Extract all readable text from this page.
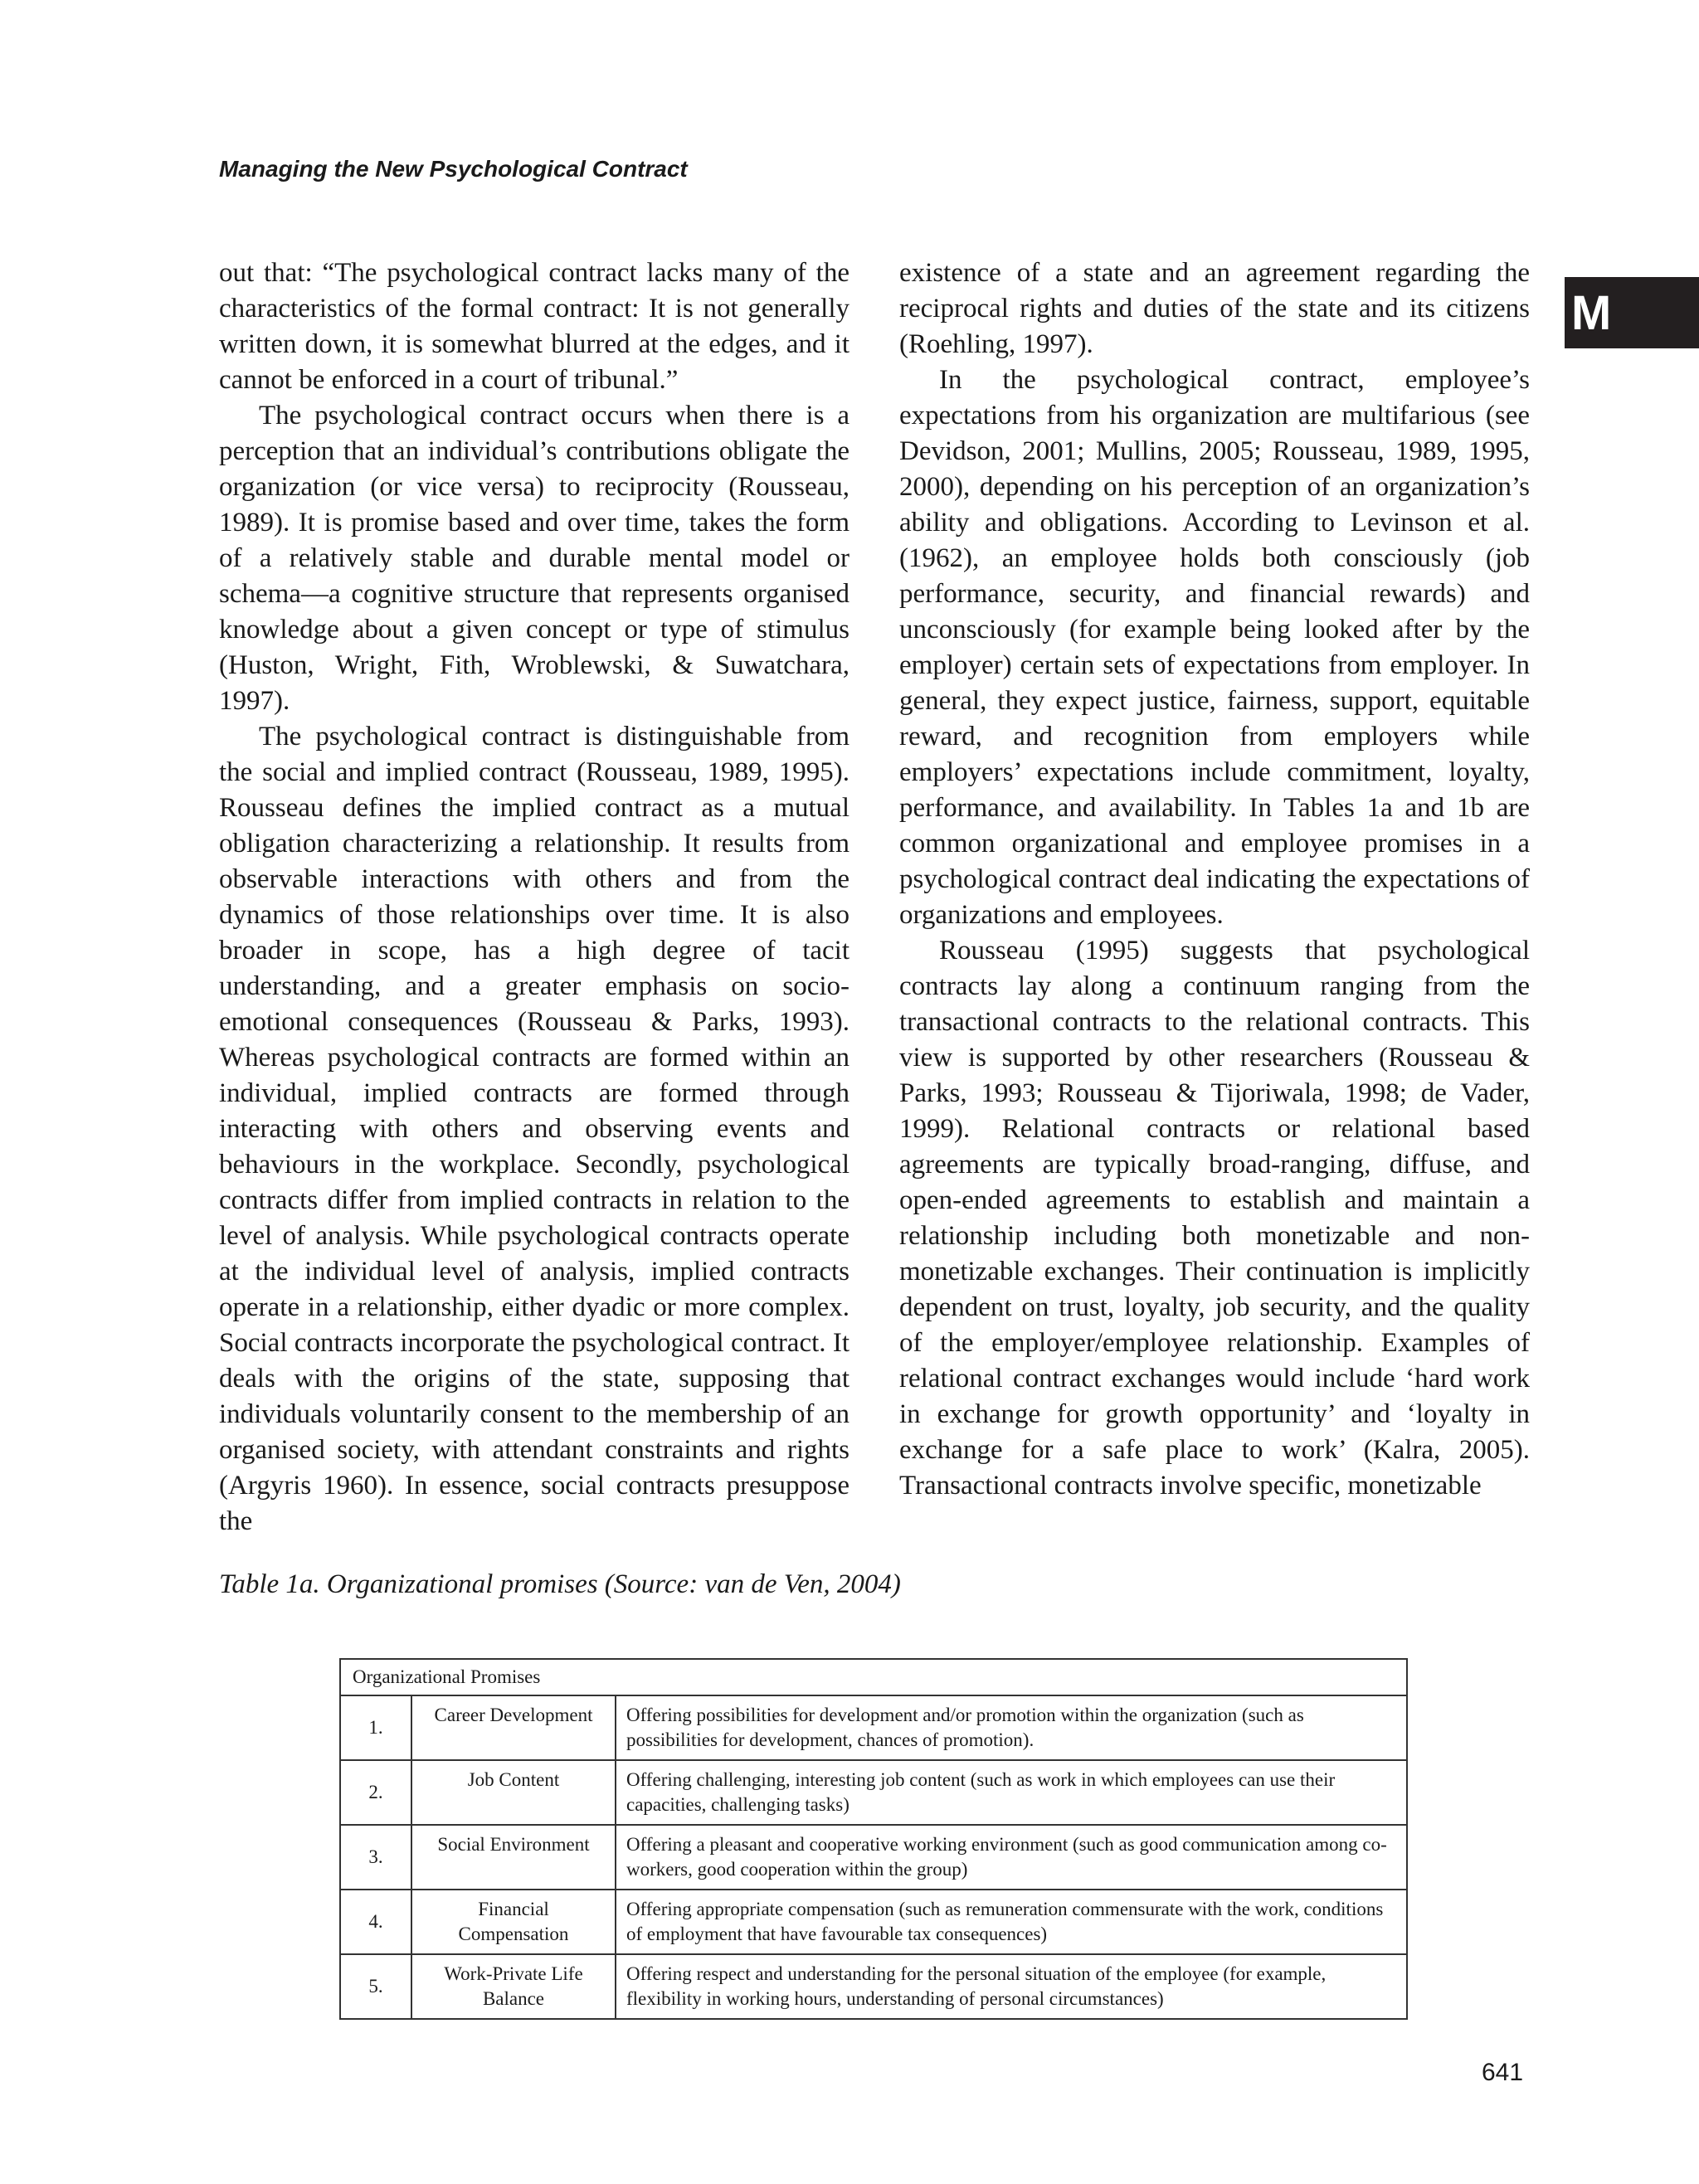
Managing the New Psychological Contract
M

out that: “The psychological contract lacks many of the characteristics of the formal contract: It is not generally written down, it is somewhat blurred at the edges, and it cannot be enforced in a court of tribunal.”

The psychological contract occurs when there is a perception that an individual’s contributions obligate the organization (or vice versa) to reciprocity (Rousseau, 1989). It is promise based and over time, takes the form of a relatively stable and durable mental model or schema—a cognitive structure that represents organised knowledge about a given concept or type of stimulus (Huston, Wright, Fith, Wroblewski, & Suwatchara, 1997).

The psychological contract is distinguishable from the social and implied contract (Rousseau, 1989, 1995). Rousseau defines the implied contract as a mutual obligation characterizing a relationship. It results from observable interactions with others and from the dynamics of those relationships over time. It is also broader in scope, has a high degree of tacit understanding, and a greater emphasis on socio-emotional consequences (Rousseau & Parks, 1993). Whereas psychological contracts are formed within an individual, implied contracts are formed through interacting with others and observing events and behaviours in the workplace. Secondly, psychological contracts differ from implied contracts in relation to the level of analysis. While psychological contracts operate at the individual level of analysis, implied contracts operate in a relationship, either dyadic or more complex. Social contracts incorporate the psychological contract. It deals with the origins of the state, supposing that individuals voluntarily consent to the membership of an organised society, with attendant constraints and rights (Argyris 1960). In essence, social contracts presuppose the

existence of a state and an agreement regarding the reciprocal rights and duties of the state and its citizens (Roehling, 1997).

In the psychological contract, employee’s expectations from his organization are multifarious (see Devidson, 2001; Mullins, 2005; Rousseau, 1989, 1995, 2000), depending on his perception of an organization’s ability and obligations. According to Levinson et al. (1962), an employee holds both consciously (job performance, security, and financial rewards) and unconsciously (for example being looked after by the employer) certain sets of expectations from employer. In general, they expect justice, fairness, support, equitable reward, and recognition from employers while employers’ expectations include commitment, loyalty, performance, and availability. In Tables 1a and 1b are common organizational and employee promises in a psychological contract deal indicating the expectations of organizations and employees.

Rousseau (1995) suggests that psychological contracts lay along a continuum ranging from the transactional contracts to the relational contracts. This view is supported by other researchers (Rousseau & Parks, 1993; Rousseau & Tijoriwala, 1998; de Vader, 1999). Relational contracts or relational based agreements are typically broad-ranging, diffuse, and open-ended agreements to establish and maintain a relationship including both monetizable and non-monetizable exchanges. Their continuation is implicitly dependent on trust, loyalty, job security, and the quality of the employer/employee relationship. Examples of relational contract exchanges would include ‘hard work in exchange for growth opportunity’ and ‘loyalty in exchange for a safe place to work’ (Kalra, 2005). Transactional contracts involve specific, monetizable

Table 1a. Organizational promises (Source: van de Ven, 2004)
Organizational Promises		
1.	Career Development	Offering possibilities for development and/or promotion within the organization (such as possibilities for development, chances of promotion).
2.	Job Content	Offering challenging, interesting job content (such as work in which employees can use their capacities, challenging tasks)
3.	Social Environment	Offering a pleasant and cooperative working environment (such as good communication among co-workers, good cooperation within the group)
4.	Financial Compensation	Offering appropriate compensation (such as remuneration commensurate with the work, conditions of employment that have favourable tax consequences)
5.	Work-Private Life Balance	Offering respect and understanding for the personal situation of the employee (for example, flexibility in working hours, understanding of personal circumstances)
641
